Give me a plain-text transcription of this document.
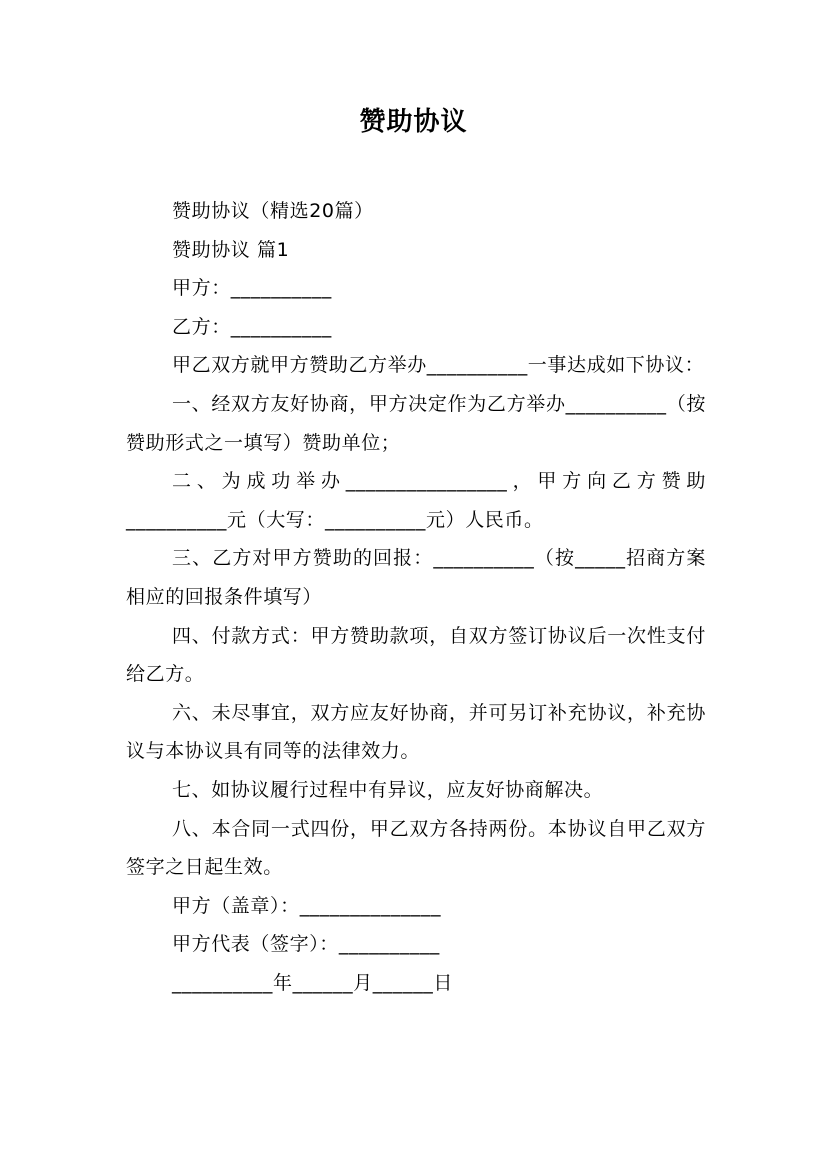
赞助协议

赞助协议（精选20篇）

赞助协议 篇1

甲方：__________

乙方：__________

甲乙双方就甲方赞助乙方举办__________一事达成如下协议：

一、经双方友好协商，甲方决定作为乙方举办__________（按赞助形式之一填写）赞助单位；

二、为成功举办________________，甲方向乙方赞助__________元（大写：__________元）人民币。

三、乙方对甲方赞助的回报：__________（按_____招商方案相应的回报条件填写）

四、付款方式：甲方赞助款项，自双方签订协议后一次性支付给乙方。

六、未尽事宜，双方应友好协商，并可另订补充协议，补充协议与本协议具有同等的法律效力。

七、如协议履行过程中有异议，应友好协商解决。

八、本合同一式四份，甲乙双方各持两份。本协议自甲乙双方签字之日起生效。

甲方（盖章）：______________

甲方代表（签字）：__________

__________年______月______日
